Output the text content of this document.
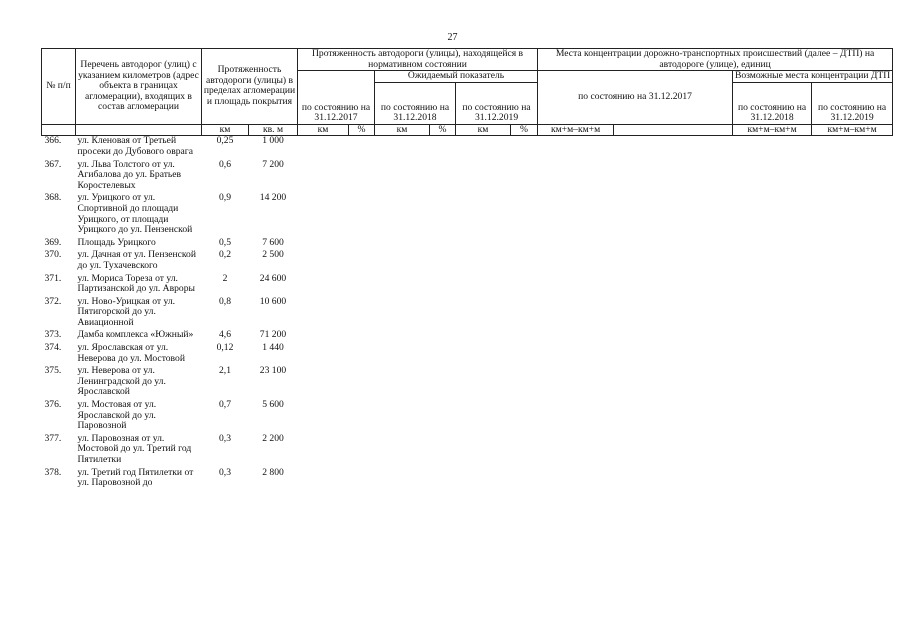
27
№ п/п	Перечень автодорог (улиц) с указанием километров (адрес объекта в границах агломерации), входящих в состав агломерации	Протяженность автодороги (улицы) в пределах агломерации и площадь покрытия		Протяженность автодороги (улицы), находящейся в нормативном состоянии						Места концентрации дорожно-транспортных происшествий (далее – ДТП) на автодороге (улице), единиц			
				по состоянию на 31.12.2017		Ожидаемый показатель				по состоянию на 31.12.2017		Возможные места концентрации ДТП	
						по состоянию на 31.12.2018		по состоянию на 31.12.2019				по состоянию на 31.12.2018	по состоянию на 31.12.2019

		км	кв. м	км	%	км	%	км	%	км+м–км+м		км+м–км+м	км+м–км+м
366.	ул. Кленовая от Третьей просеки до Дубового оврага	0,25	1 000										
367.	ул. Льва Толстого от ул. Агибалова до ул. Братьев Коростелевых	0,6	7 200										
368.	ул. Урицкого от ул. Спортивной до площади Урицкого, от площади Урицкого до ул. Пензенской	0,9	14 200										
369.	Площадь Урицкого	0,5	7 600										
370.	ул. Дачная от ул. Пензенской до ул. Тухачевского	0,2	2 500										
371.	ул. Мориса Тореза от ул. Партизанской до ул. Авроры	2	24 600										
372.	ул. Ново-Урицкая от ул. Пятигорской до ул. Авиационной	0,8	10 600										
373.	Дамба комплекса «Южный»	4,6	71 200										
374.	ул. Ярославская от ул. Неверова до ул. Мостовой	0,12	1 440										
375.	ул. Неверова от ул. Ленинградской до ул. Ярославской	2,1	23 100										
376.	ул. Мостовая от ул. Ярославской до ул. Паровозной	0,7	5 600										
377.	ул. Паровозная от ул. Мостовой до ул. Третий год Пятилетки	0,3	2 200										
378.	ул. Третий год Пятилетки от ул. Паровозной до	0,3	2 800										
